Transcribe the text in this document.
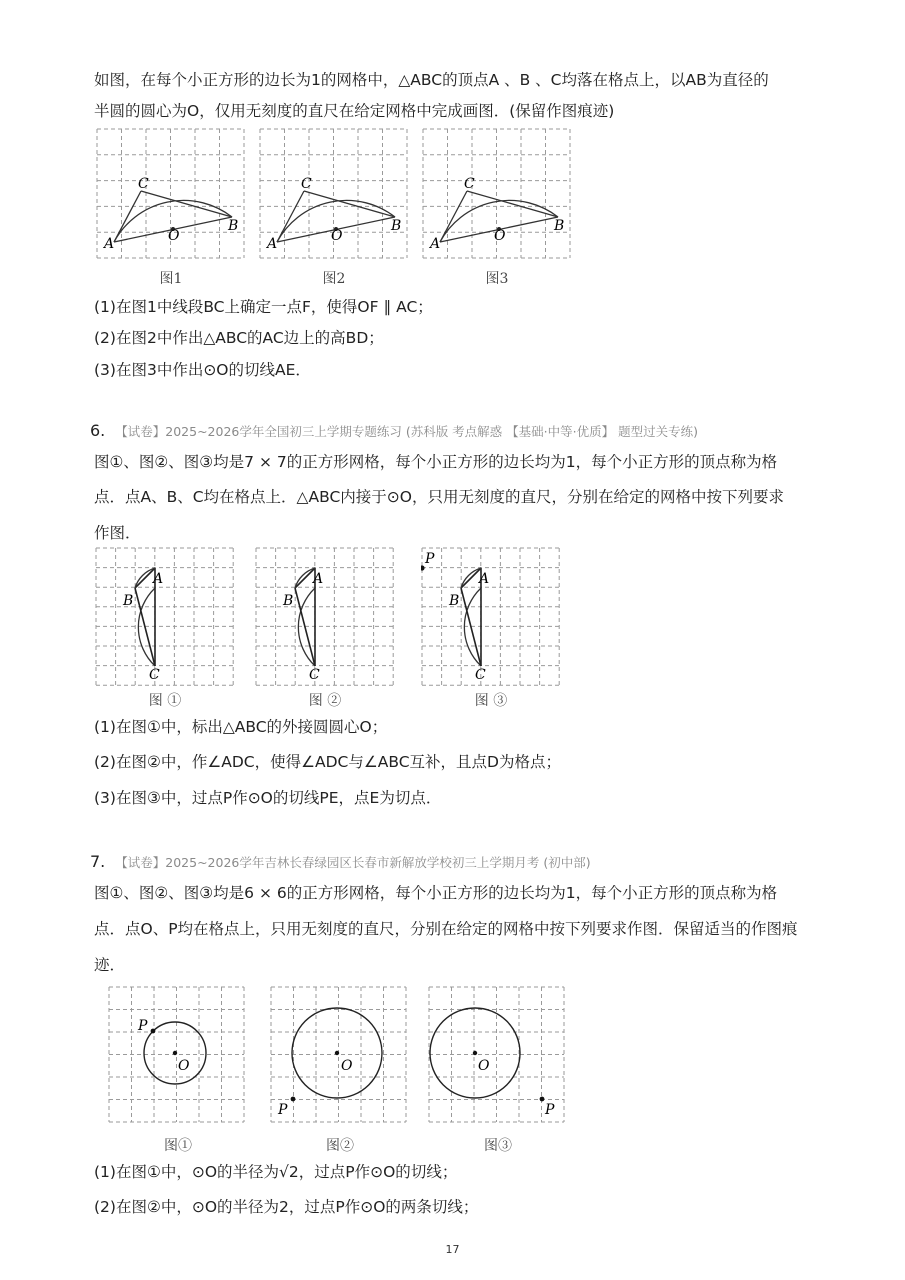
如图，在每个小正方形的边长为1的网格中，△ABC的顶点A 、B 、C均落在格点上，以AB为直径的
半圆的圆心为O，仅用无刻度的直尺在给定网格中完成画图．(保留作图痕迹)
A
C
B
O	A
C
B
O	A
C
B
O
图1	图2	图3
(1)在图1中线段BC上确定一点F，使得OF ∥ AC；
(2)在图2中作出△ABC的AC边上的高BD；
(3)在图3中作出⊙O的切线AE．
6. 【试卷】2025~2026学年全国初三上学期专题练习 (苏科版 考点解惑 【基础·中等·优质】 题型过关专练)
图①、图②、图③均是7 × 7的正方形网格，每个小正方形的边长均为1，每个小正方形的顶点称为格
点．点A、B、C均在格点上．△ABC内接于⊙O，只用无刻度的直尺，分别在给定的网格中按下列要求
作图．
A
B
C
A
B
C
P
A
B
C
图 ①	图 ②	图 ③
(1)在图①中，标出△ABC的外接圆圆心O；
(2)在图②中，作∠ADC，使得∠ADC与∠ABC互补，且点D为格点；
(3)在图③中，过点P作⊙O的切线PE，点E为切点．
7. 【试卷】2025~2026学年吉林长春绿园区长春市新解放学校初三上学期月考 (初中部)
图①、图②、图③均是6 × 6的正方形网格，每个小正方形的边长均为1，每个小正方形的顶点称为格
点．点O、P均在格点上，只用无刻度的直尺，分别在给定的网格中按下列要求作图．保留适当的作图痕
迹．
P
O
P
O
P
O
图①	图②	图③
(1)在图①中，⊙O的半径为√2，过点P作⊙O的切线；
(2)在图②中，⊙O的半径为2，过点P作⊙O的两条切线；
17
